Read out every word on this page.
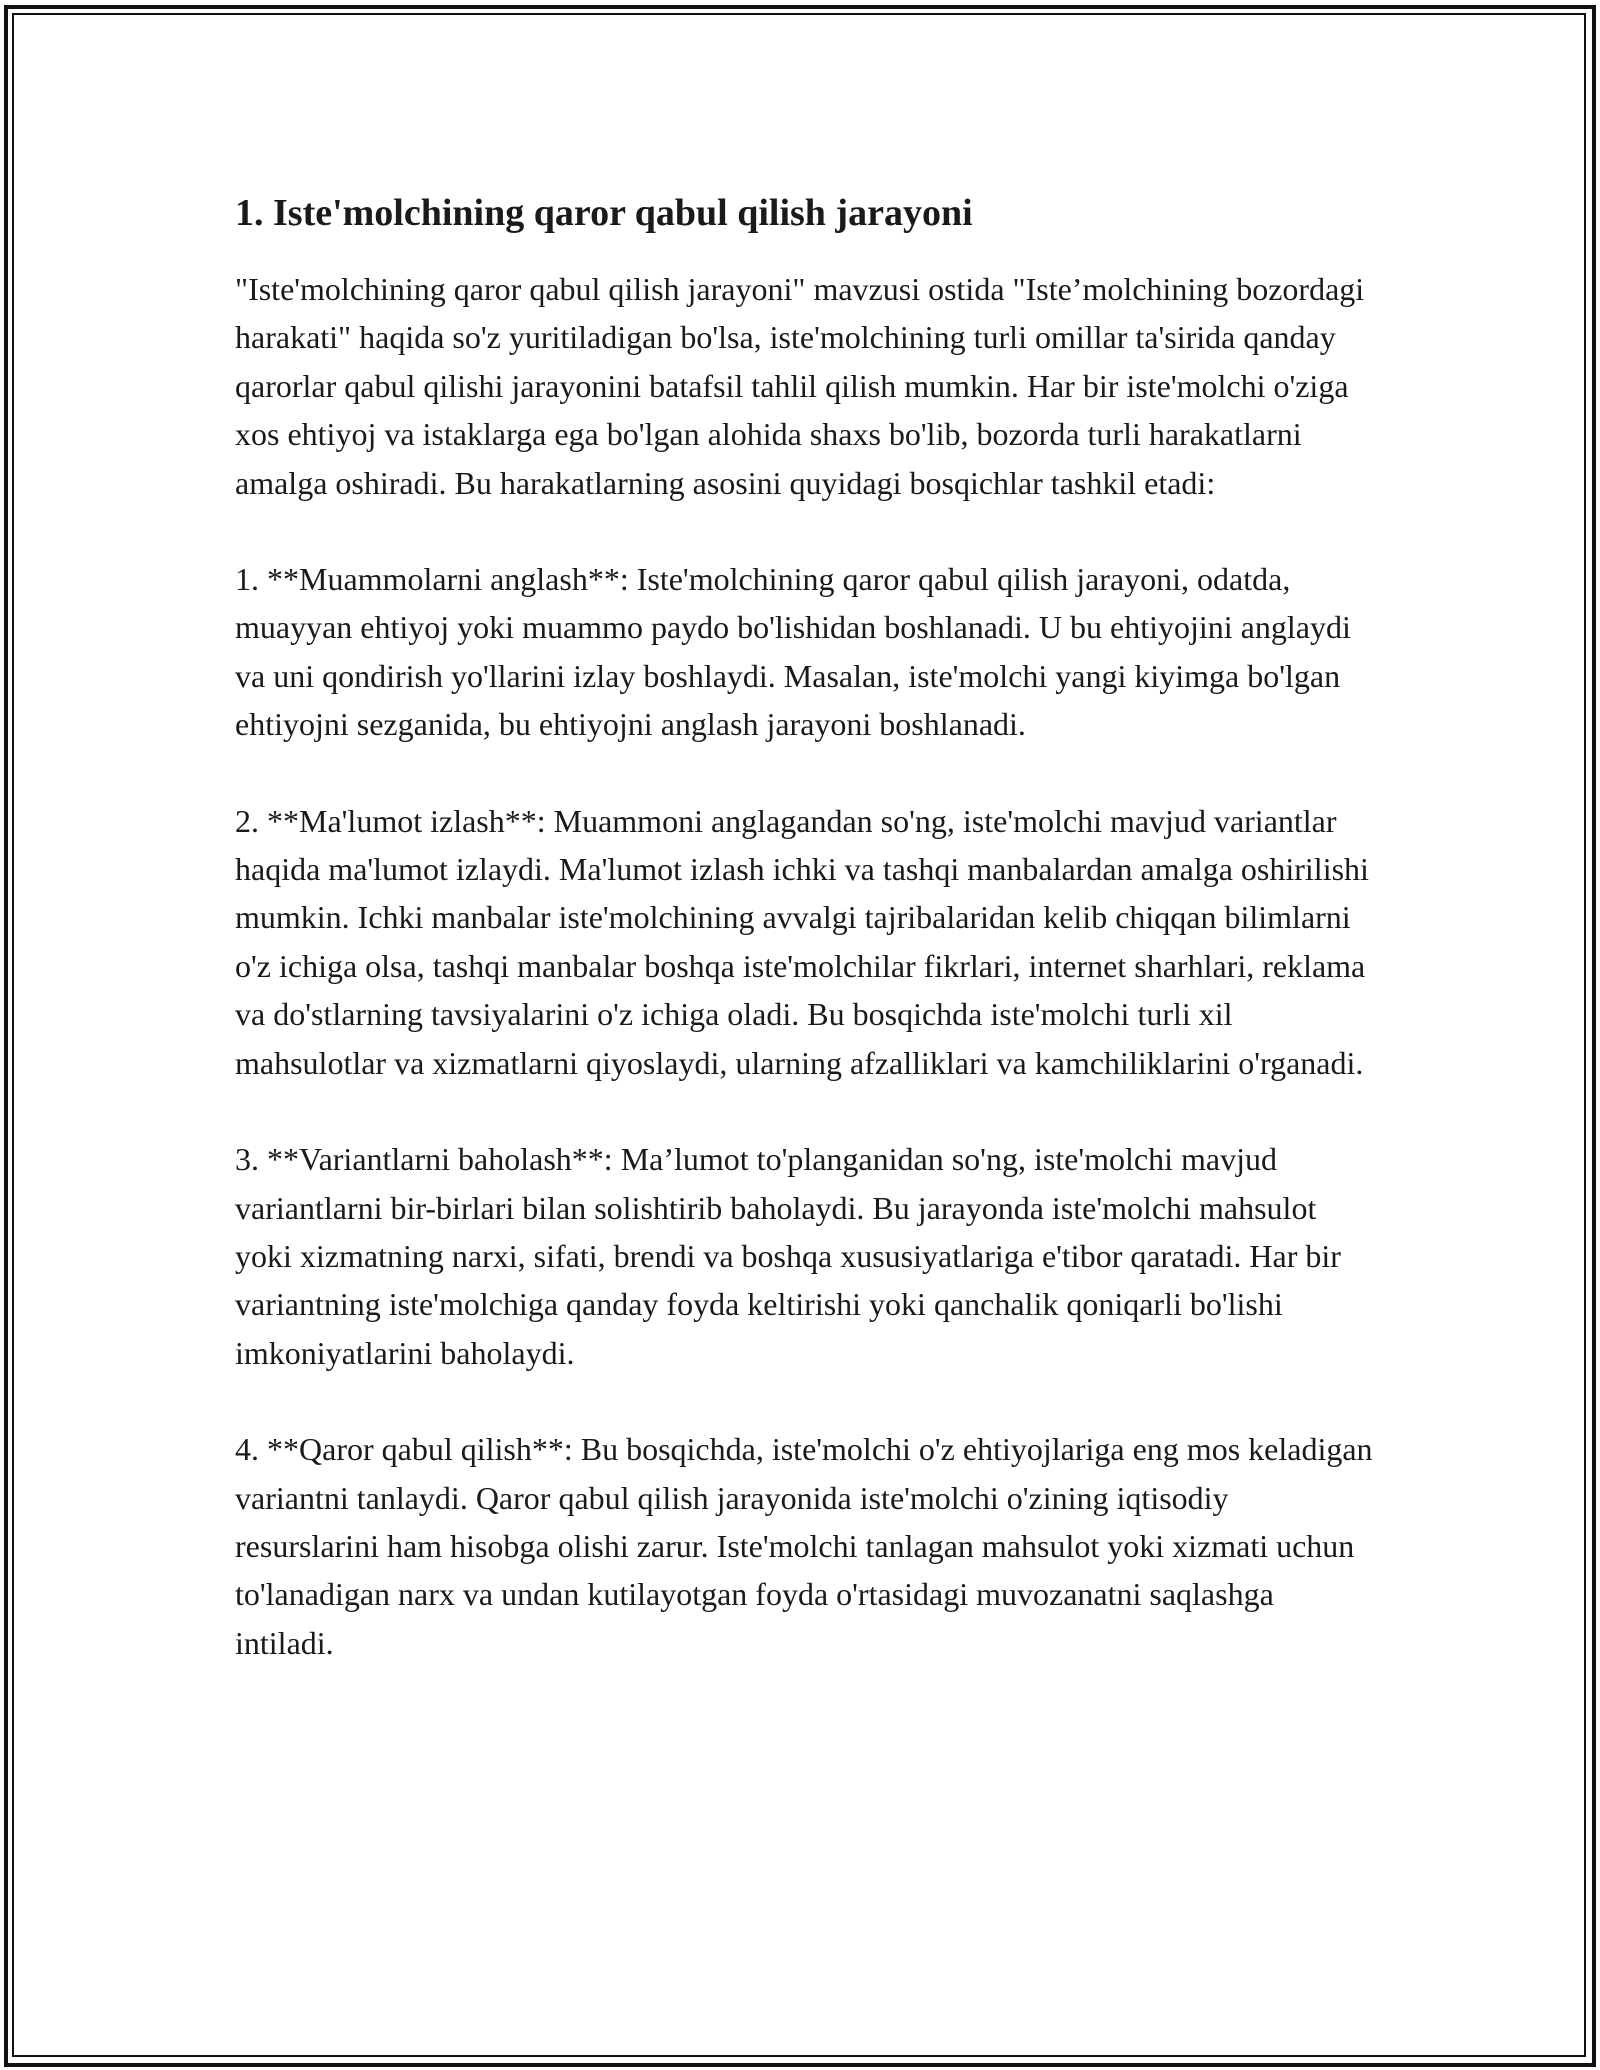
1. Iste'molchining qaror qabul qilish jarayoni

"Iste'molchining qaror qabul qilish jarayoni" mavzusi ostida "Iste’molchining bozordagi harakati" haqida so'z yuritiladigan bo'lsa, iste'molchining turli omillar ta'sirida qanday qarorlar qabul qilishi jarayonini batafsil tahlil qilish mumkin. Har bir iste'molchi o'ziga xos ehtiyoj va istaklarga ega bo'lgan alohida shaxs bo'lib, bozorda turli harakatlarni amalga oshiradi. Bu harakatlarning asosini quyidagi bosqichlar tashkil etadi:

1. **Muammolarni anglash**: Iste'molchining qaror qabul qilish jarayoni, odatda, muayyan ehtiyoj yoki muammo paydo bo'lishidan boshlanadi. U bu ehtiyojini anglaydi va uni qondirish yo'llarini izlay boshlaydi. Masalan, iste'molchi yangi kiyimga bo'lgan ehtiyojni sezganida, bu ehtiyojni anglash jarayoni boshlanadi.

2. **Ma'lumot izlash**: Muammoni anglagandan so'ng, iste'molchi mavjud variantlar haqida ma'lumot izlaydi. Ma'lumot izlash ichki va tashqi manbalardan amalga oshirilishi mumkin. Ichki manbalar iste'molchining avvalgi tajribalaridan kelib chiqqan bilimlarni o'z ichiga olsa, tashqi manbalar boshqa iste'molchilar fikrlari, internet sharhlari, reklama va do'stlarning tavsiyalarini o'z ichiga oladi. Bu bosqichda iste'molchi turli xil mahsulotlar va xizmatlarni qiyoslaydi, ularning afzalliklari va kamchiliklarini o'rganadi.

3. **Variantlarni baholash**: Ma’lumot to'planganidan so'ng, iste'molchi mavjud variantlarni bir-birlari bilan solishtirib baholaydi. Bu jarayonda iste'molchi mahsulot yoki xizmatning narxi, sifati, brendi va boshqa xususiyatlariga e'tibor qaratadi. Har bir variantning iste'molchiga qanday foyda keltirishi yoki qanchalik qoniqarli bo'lishi imkoniyatlarini baholaydi.

4. **Qaror qabul qilish**: Bu bosqichda, iste'molchi o'z ehtiyojlariga eng mos keladigan variantni tanlaydi. Qaror qabul qilish jarayonida iste'molchi o'zining iqtisodiy resurslarini ham hisobga olishi zarur. Iste'molchi tanlagan mahsulot yoki xizmati uchun to'lanadigan narx va undan kutilayotgan foyda o'rtasidagi muvozanatni saqlashga intiladi.
